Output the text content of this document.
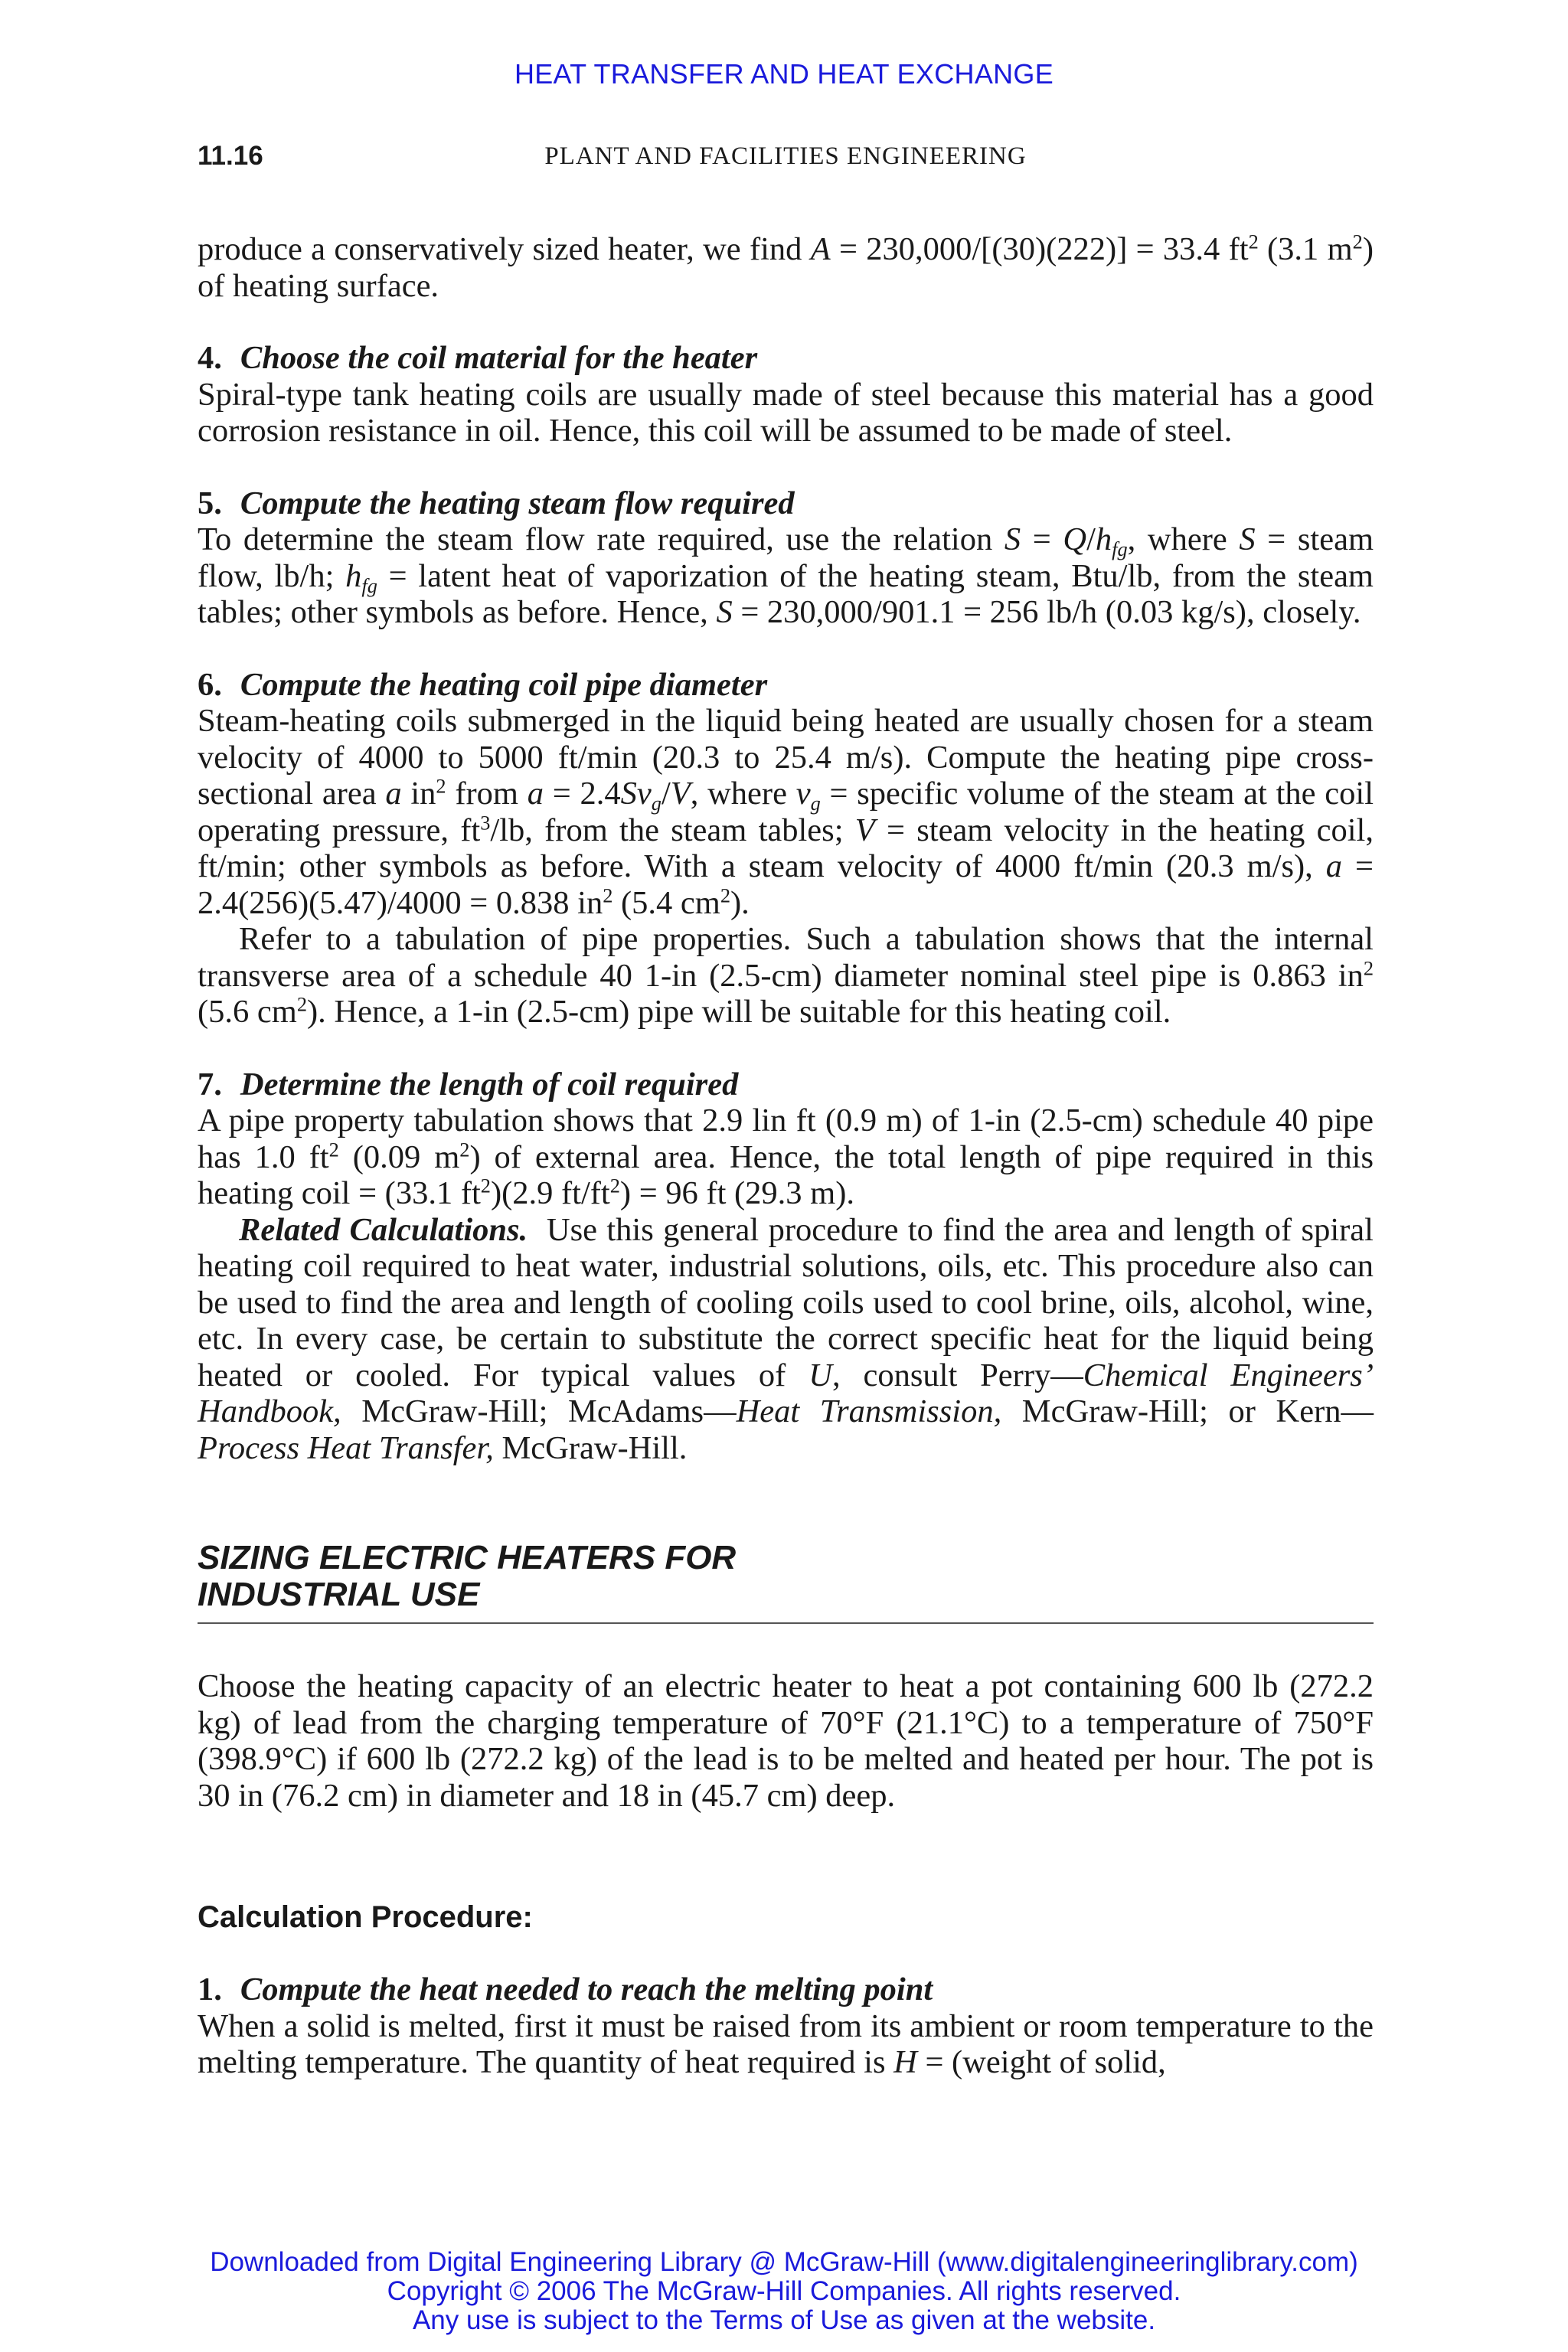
HEAT TRANSFER AND HEAT EXCHANGE
11.16	PLANT AND FACILITIES ENGINEERING

produce a conservatively sized heater, we find A = 230,000/[(30)(222)] = 33.4 $ft^2$ (3.1 $m^2$) of heating surface.

4. Choose the coil material for the heater

Spiral-type tank heating coils are usually made of steel because this material has a good corrosion resistance in oil. Hence, this coil will be assumed to be made of steel.

5. Compute the heating steam flow required

To determine the steam flow rate required, use the relation $S = Q/h_{fg}$, where S = steam flow, lb/h; $h_{fg}$ = latent heat of vaporization of the heating steam, Btu/lb, from the steam tables; other symbols as before. Hence, S = 230,000/901.1 = 256 lb/h (0.03 kg/s), closely.

6. Compute the heating coil pipe diameter

Steam-heating coils submerged in the liquid being heated are usually chosen for a steam velocity of 4000 to 5000 ft/min (20.3 to 25.4 m/s). Compute the heating pipe cross-sectional area a $in^2$ from $a = 2.4Sv_g/V$, where $v_g$ = specific volume of the steam at the coil operating pressure, $ft^3/lb$, from the steam tables; V = steam velocity in the heating coil, ft/min; other symbols as before. With a steam velocity of 4000 ft/min (20.3 m/s), a = 2.4(256)(5.47)/4000 = 0.838 $in^2$ (5.4 $cm^2$).

Refer to a tabulation of pipe properties. Such a tabulation shows that the internal transverse area of a schedule 40 1-in (2.5-cm) diameter nominal steel pipe is 0.863 $in^2$ (5.6 $cm^2$). Hence, a 1-in (2.5-cm) pipe will be suitable for this heating coil.

7. Determine the length of coil required

A pipe property tabulation shows that 2.9 lin ft (0.9 m) of 1-in (2.5-cm) schedule 40 pipe has 1.0 $ft^2$ (0.09 $m^2$) of external area. Hence, the total length of pipe required in this heating coil = (33.1 $ft^2)(2.9$ $ft/ft^2) = 96$ ft (29.3 m).

Related Calculations.  Use this general procedure to find the area and length of spiral heating coil required to heat water, industrial solutions, oils, etc. This procedure also can be used to find the area and length of cooling coils used to cool brine, oils, alcohol, wine, etc. In every case, be certain to substitute the correct specific heat for the liquid being heated or cooled. For typical values of U, consult Perry—Chemical Engineers’ Handbook, McGraw-Hill; McAdams—Heat Transmission, McGraw-Hill; or Kern—Process Heat Transfer, McGraw-Hill.

SIZING ELECTRIC HEATERS FOR
INDUSTRIAL USE

Choose the heating capacity of an electric heater to heat a pot containing 600 lb (272.2 kg) of lead from the charging temperature of 70°F (21.1°C) to a temperature of 750°F (398.9°C) if 600 lb (272.2 kg) of the lead is to be melted and heated per hour. The pot is 30 in (76.2 cm) in diameter and 18 in (45.7 cm) deep.

Calculation Procedure:

1. Compute the heat needed to reach the melting point

When a solid is melted, first it must be raised from its ambient or room temperature to the melting temperature. The quantity of heat required is H = (weight of solid,

Downloaded from Digital Engineering Library @ McGraw-Hill (www.digitalengineeringlibrary.com)
Copyright © 2006 The McGraw-Hill Companies. All rights reserved.
Any use is subject to the Terms of Use as given at the website.
